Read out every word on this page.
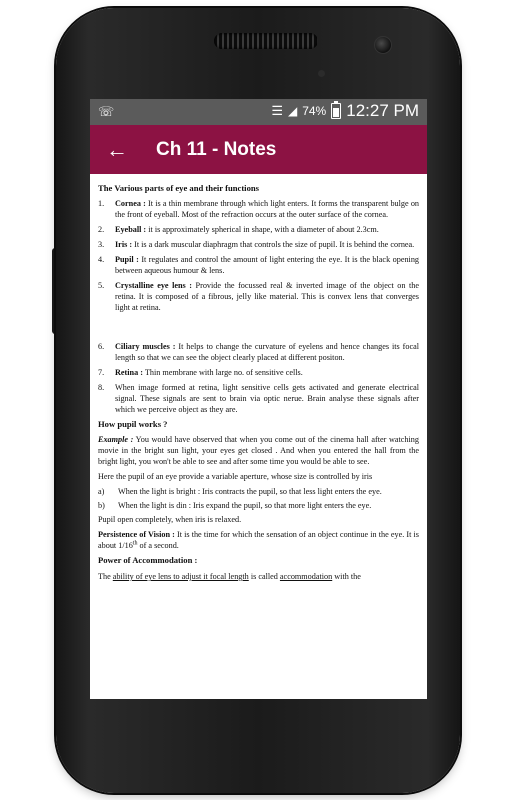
☏	☰ ◢ 74% 12:27 PM
← Ch 11 - Notes
The Various parts of eye and their functions
1.	Cornea : It is a thin membrane through which light enters. It forms the transparent bulge on the front of eyeball. Most of the refraction occurs at the outer surface of the cornea.
2.	Eyeball : it is approximately spherical in shape, with a diameter of about 2.3cm.
3.	Iris : It is a dark muscular diaphragm that controls the size of pupil. It is behind the cornea.
4.	Pupil : It regulates and control the amount of light entering the eye. It is the black opening between aqueous humour & lens.
5.	Crystalline eye lens : Provide the focussed real & inverted image of the object on the retina. It is composed of a fibrous, jelly like material. This is convex lens that converges light at retina.
6.	Ciliary muscles : It helps to change the curvature of eyelens and hence changes its focal length so that we can see the object clearly placed at different positon.
7.	Retina : Thin membrane with large no. of sensitive cells.
8.	When image formed at retina, light sensitive cells gets activated and generate electrical signal. These signals are sent to brain via optic nerue. Brain analyse these signals after which we perceive object as they are.
How pupil works ?
Example : You would have observed that when you come out of the cinema hall after watching movie in the bright sun light, your eyes get closed . And when you entered the hall from the bright light, you won't be able to see and after some time you would be able to see.
Here the pupil of an eye provide a variable aperture, whose size is controlled by iris
a)	When the light is bright : Iris contracts the pupil, so that less light enters the eye.
b)	When the light is din : Iris expand the pupil, so that more light enters the eye.
Pupil open completely, when iris is relaxed.
Persistence of Vision : It is the time for which the sensation of an object continue in the eye. It is about 1/16th of a second.
Power of Accommodation :
The ability of eye lens to adjust it focal length is called accommodation with the
